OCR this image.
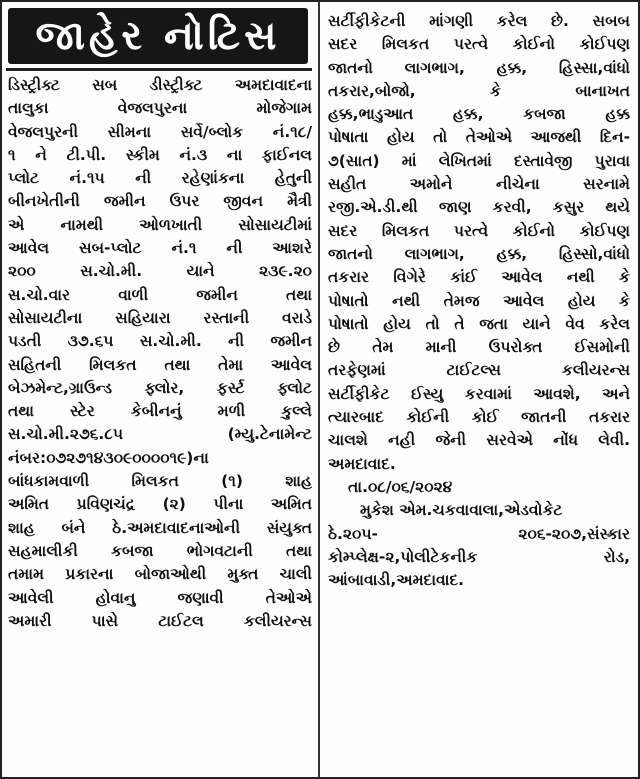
જાહેર નોટિસ
ડિસ્ટ્રીક્ટ સબ ડીસ્ટ્રીક્ટ અમદાવાદના
તાલુકા વેજલપુરના મોજેગામ
વેજલપુરની સીમના સર્વે/બ્લોક નં.૧૮/
૧ ને ટી.પી. સ્કીમ નં.૩ ના ફાઈનલ
પ્લોટ નં.૧૫ ની રહેણાંકના હેતુની
બીનખેતીની જમીન ઉપર જીવન મૈત્રી
એ નામથી ઓળખાતી સોસાયટીમાં
આવેલ સબ-પ્લોટ નં.૧ ની આશરે
૨૦૦ સ.ચો.મી. યાને ૨૩૯.૨૦
સ.ચો.વાર વાળી જમીન તથા
સોસાયટીના સહિયારા રસ્તાની વરાડે
પડતી ૩૭.૬૫ સ.ચો.મી. ની જમીન
સહિતની મિલકત તથા તેમા આવેલ
બેઝમેન્ટ,ગ્રાઉન્ડ ફ્લોર, ફર્સ્ટ ફ્લોટ
તથા સ્ટેર કેબીનનું મળી કુલ્લે
સ.ચો.મી.૨૭૬.૮૫ (મ્યુ.ટેનામેન્ટ
નંબર:૦૭૨૭૧૪૩૦૯૦૦૦૦૧૯)ના
બાંધકામવાળી મિલકત (૧) શાહ
અમિત પ્રવિણચંદ્ર (૨) પીના અમિત
શાહ બંને ઠે.અમદાવાદનાઓની સંયુક્ત
સહમાલીકી કબજા ભોગવટાની તથા
તમામ પ્રકારના બોજાઓથી મુક્ત ચાલી
આવેલી હોવાનુ જણાવી તેઓએ
અમારી પાસે ટાઈટલ કલીયરન્સ
સર્ટીફીકેટની માંગણી કરેલ છે. સબબ
સદર મિલકત પરત્વે કોઈનો કોઈપણ
જાતનો લાગભાગ, હક્ક, હિસ્સા,વાંધો
તકરાર,બોજો, કે બાનાખત
હક્ક,ભાડુઆત હક્ક, કબજા હક્ક
પોષાતા હોય તો તેઓએ આજથી દિન-
૭(સાત) માં લેખિતમાં દસ્તાવેજી પુરાવા
સહીત અમોને નીચેના સરનામે
રજી.એ.ડી.થી જાણ કરવી, કસુર થયે
સદર મિલકત પરત્વે કોઈનો કોઈપણ
જાતનો લાગભાગ, હક્ક, હિસ્સો,વાંધો
તકરાર વિગેરે કાંઈ આવેલ નથી કે
પોષાતો નથી તેમજ આવેલ હોય કે
પોષાતો હોય તો તે જતા યાને વેવ કરેલ
છે તેમ માની ઉપરોક્ત ઈસમોની
તરફેણમાં ટાઈટલ્સ કલીયરન્સ
સર્ટીફીકેટ ઈસ્યુ કરવામાં આવશે, અને
ત્યારબાદ કોઈની કોઈ જાતની તકરાર
ચાલશે નહી જેની સરવેએ નોંધ લેવી.
અમદાવાદ.
તા.૦૮/૦૬/૨૦૨૪
મુકેશ એમ.ચકવાવાલા,એડવોકેટ
ઠે.૨૦૫- ૨૦૬-૨૦૭,સંસ્કાર
કોમ્પ્લેક્ષ-૨,પોલીટેકનીક રોડ,
આંબાવાડી,અમદાવાદ.
